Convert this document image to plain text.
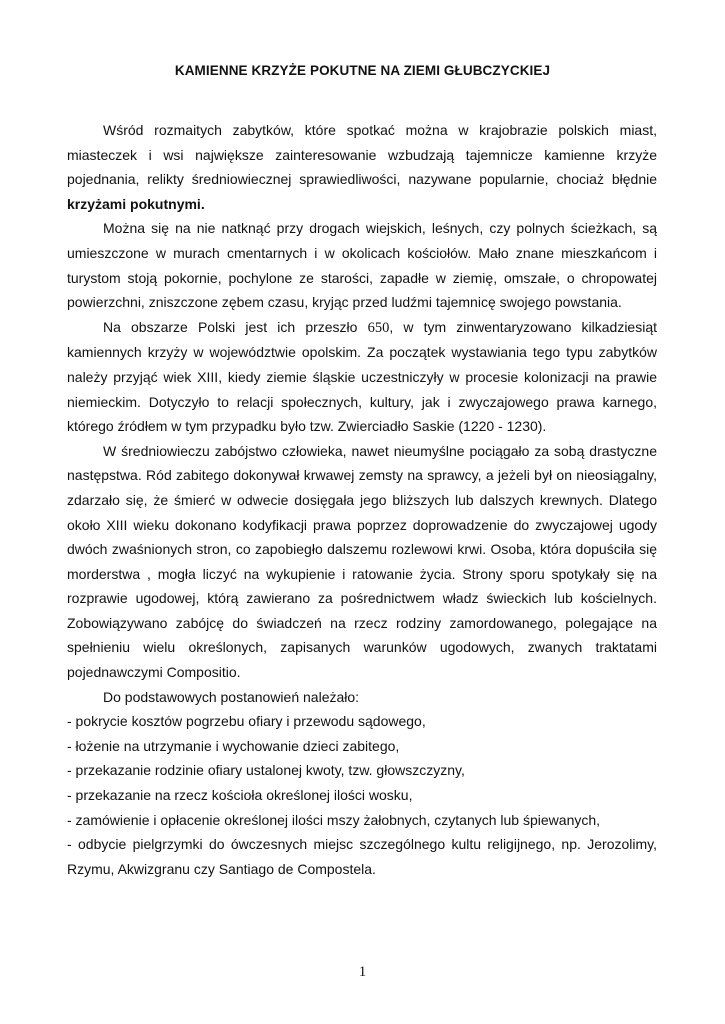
KAMIENNE KRZYŻE POKUTNE NA ZIEMI GŁUBCZYCKIEJ

Wśród rozmaitych zabytków, które spotkać można w krajobrazie polskich miast, miasteczek i wsi największe zainteresowanie wzbudzają tajemnicze kamienne krzyże pojednania, relikty średniowiecznej sprawiedliwości, nazywane popularnie, chociaż błędnie krzyżami pokutnymi.

Można się na nie natknąć przy drogach wiejskich, leśnych, czy polnych ścieżkach, są umieszczone w murach cmentarnych i w okolicach kościołów. Mało znane mieszkańcom i turystom stoją pokornie, pochylone ze starości, zapadłe w ziemię, omszałe, o chropowatej powierzchni, zniszczone zębem czasu, kryjąc przed ludźmi tajemnicę swojego powstania.

Na obszarze Polski jest ich przeszło 650, w tym zinwentaryzowano kilkadziesiąt kamiennych krzyży w województwie opolskim. Za początek wystawiania tego typu zabytków należy przyjąć wiek XIII, kiedy ziemie śląskie uczestniczyły w procesie kolonizacji na prawie niemieckim. Dotyczyło to relacji społecznych, kultury, jak i zwyczajowego prawa karnego, którego źródłem w tym przypadku było tzw. Zwierciadło Saskie (1220 - 1230).

W średniowieczu zabójstwo człowieka, nawet nieumyślne pociągało za sobą drastyczne następstwa. Ród zabitego dokonywał krwawej zemsty na sprawcy, a jeżeli był on nieosiągalny, zdarzało się, że śmierć w odwecie dosięgała jego bliższych lub dalszych krewnych. Dlatego około XIII wieku dokonano kodyfikacji prawa poprzez doprowadzenie do zwyczajowej ugody dwóch zwaśnionych stron, co zapobiegło dalszemu rozlewowi krwi. Osoba, która dopuściła się morderstwa , mogła liczyć na wykupienie i ratowanie życia. Strony sporu spotykały się na rozprawie ugodowej, którą zawierano za pośrednictwem władz świeckich lub kościelnych. Zobowiązywano zabójcę do świadczeń na rzecz rodziny zamordowanego, polegające na spełnieniu wielu określonych, zapisanych warunków ugodowych, zwanych traktatami pojednawczymi Compositio.

Do podstawowych postanowień należało:

- pokrycie kosztów pogrzebu ofiary i przewodu sądowego,

- łożenie na utrzymanie i wychowanie dzieci zabitego,

- przekazanie rodzinie ofiary ustalonej kwoty, tzw. głowszczyzny,

- przekazanie na rzecz kościoła określonej ilości wosku,

- zamówienie i opłacenie określonej ilości mszy żałobnych, czytanych lub śpiewanych,

- odbycie pielgrzymki do ówczesnych miejsc szczególnego kultu religijnego, np. Jerozolimy, Rzymu, Akwizgranu czy Santiago de Compostela.

1
